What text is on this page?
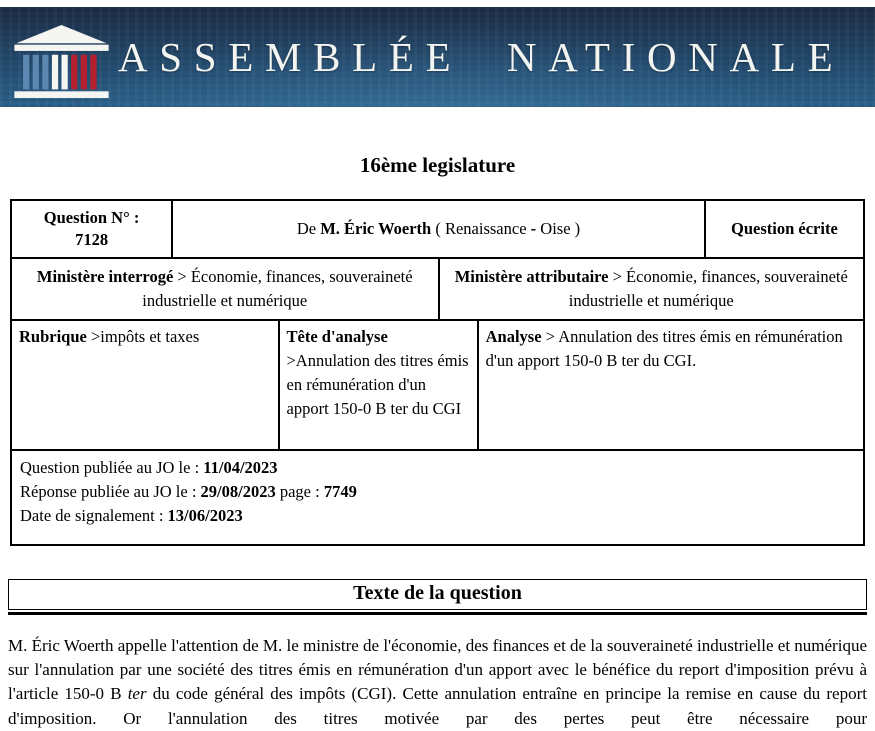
ASSEMBLÉE NATIONALE
16ème legislature
Question N° :
7128
De M. Éric Woerth ( Renaissance - Oise )	Question écrite
Ministère interrogé > Économie, finances, souveraineté industrielle et numérique
Ministère attributaire > Économie, finances, souveraineté industrielle et numérique
Rubrique >impôts et taxes	Tête d'analyse >Annulation des titres émis en rémunération d'un apport 150-0 B ter du CGI
Analyse > Annulation des titres émis en rémunération d'un apport 150-0 B ter du CGI.
Question publiée au JO le : 11/04/2023
Réponse publiée au JO le : 29/08/2023 page : 7749
Date de signalement : 13/06/2023
Texte de la question
M. Éric Woerth appelle l'attention de M. le ministre de l'économie, des finances et de la souveraineté industrielle et numérique sur l'annulation par une société des titres émis en rémunération d'un apport avec le bénéfice du report d'imposition prévu à l'article 150-0 B ter du code général des impôts (CGI). Cette annulation entraîne en principe la remise en cause du report d'imposition. Or l'annulation des titres motivée par des pertes peut être nécessaire pour
